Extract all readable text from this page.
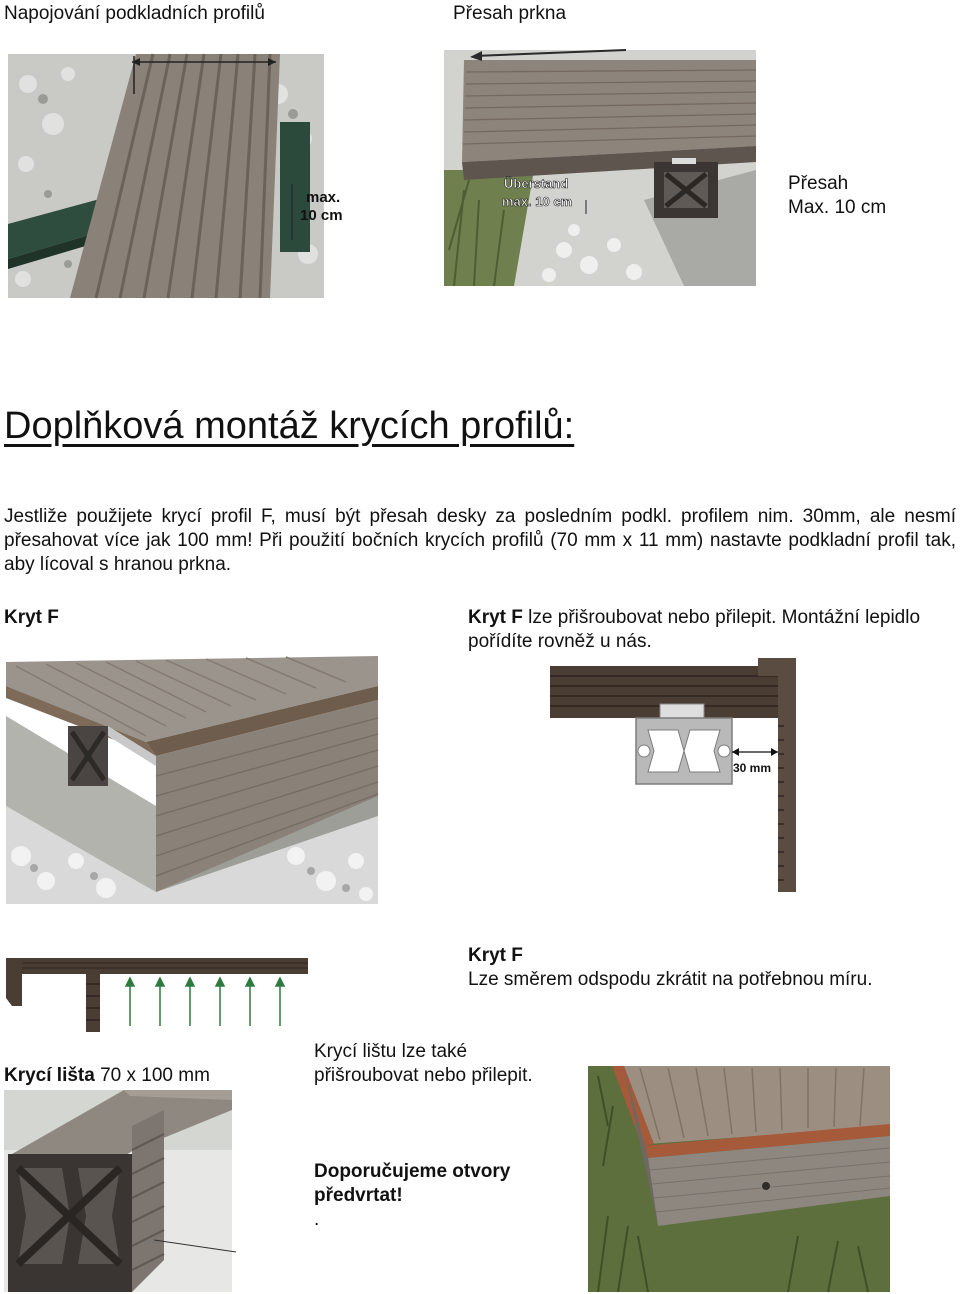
Napojování podkladních profilů	Přesah prkna
max.
10 cm
Überstand
max. 10 cm
Přesah
Max. 10 cm
Doplňková montáž krycích profilů:
Jestliže použijete krycí profil F, musí být přesah desky za posledním podkl. profilem nim. 30mm, ale nesmí přesahovat více jak 100 mm! Při použití bočních krycích profilů (70 mm x 11 mm) nastavte podkladní profil tak, aby lícoval s hranou prkna.
Kryt F	Kryt F lze přišroubovat nebo přilepit. Montážní lepidlo pořídíte rovněž u nás.
30 mm
Kryt F
Lze směrem odspodu zkrátit na potřebnou míru.
Krycí lišta 70 x 100 mm
Krycí lištu lze také
přišroubovat nebo přilepit.
Doporučujeme otvory
předvrtat!
.
